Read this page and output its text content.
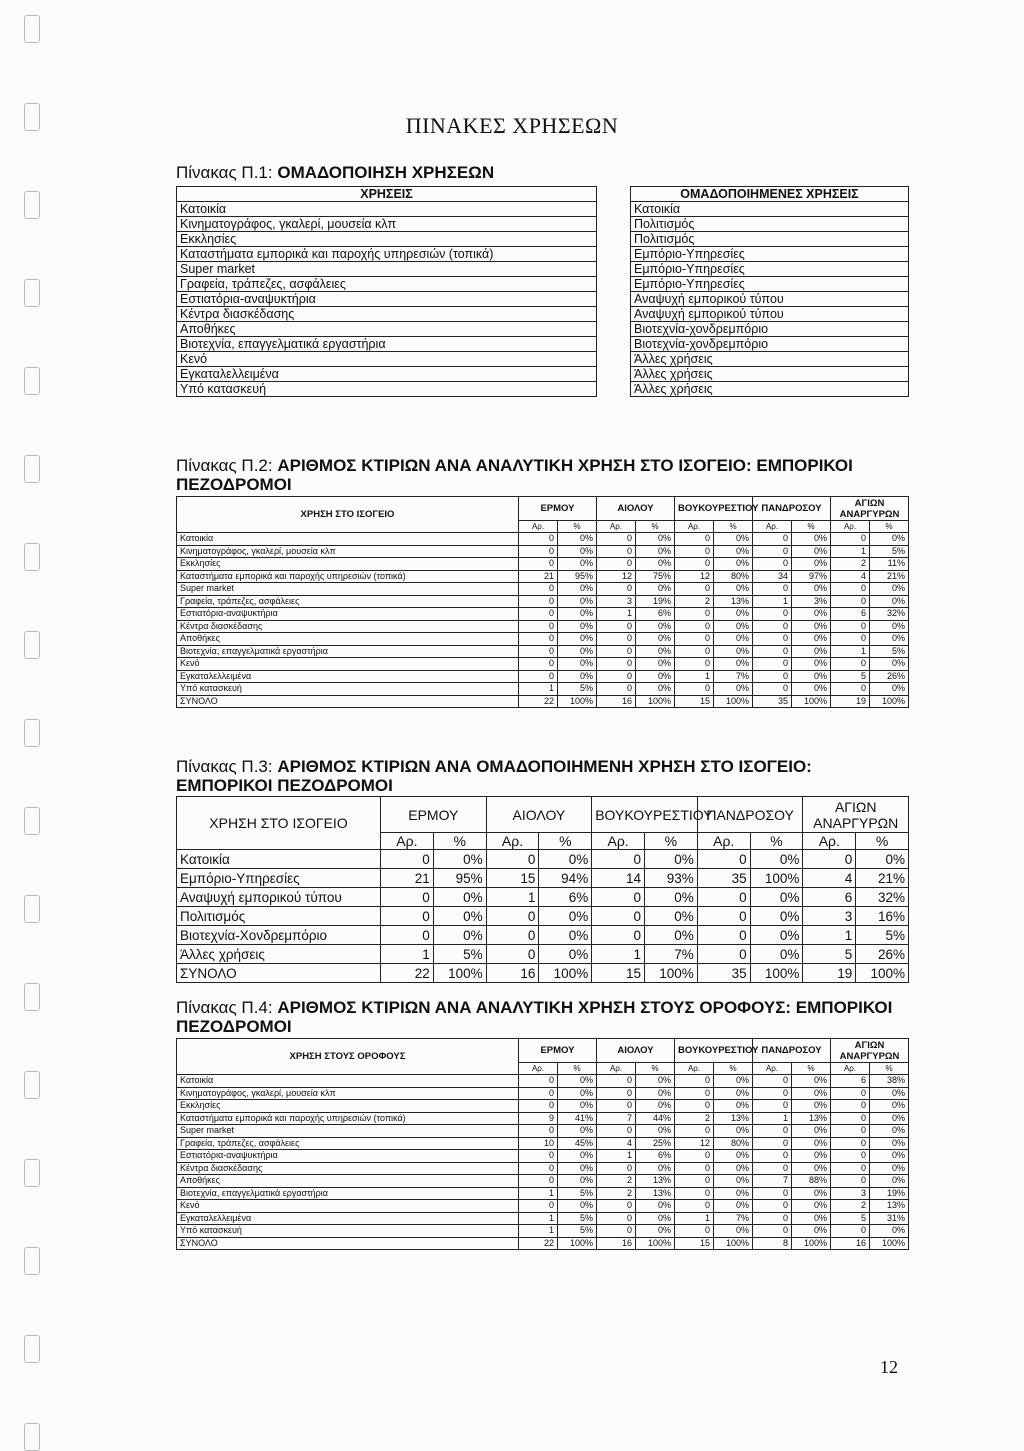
ΠΙΝΑΚΕΣ ΧΡΗΣΕΩΝ
Πίνακας Π.1: ΟΜΑΔΟΠΟΙΗΣΗ ΧΡΗΣΕΩΝ
ΧΡΗΣΕΙΣ		ΟΜΑΔΟΠΟΙΗΜΕΝΕΣ ΧΡΗΣΕΙΣ
Κατοικία		Κατοικία
Κινηματογράφος, γκαλερί, μουσεία κλπ		Πολιτισμός
Εκκλησίες		Πολιτισμός
Καταστήματα εμπορικά και παροχής υπηρεσιών (τοπικά)		Εμπόριο-Υπηρεσίες
Super market		Εμπόριο-Υπηρεσίες
Γραφεία, τράπεζες, ασφάλειες		Εμπόριο-Υπηρεσίες
Εστιατόρια-αναψυκτήρια		Αναψυχή εμπορικού τύπου
Κέντρα διασκέδασης		Αναψυχή εμπορικού τύπου
Αποθήκες		Βιοτεχνία-χονδρεμπόριο
Βιοτεχνία, επαγγελματικά εργαστήρια		Βιοτεχνία-χονδρεμπόριο
Κενό		Άλλες χρήσεις
Εγκαταλελλειμένα		Άλλες χρήσεις
Υπό κατασκευή		Άλλες χρήσεις
Πίνακας Π.2: ΑΡΙΘΜΟΣ ΚΤΙΡΙΩΝ ΑΝΑ ΑΝΑΛΥΤΙΚΗ ΧΡΗΣΗ ΣΤΟ ΙΣΟΓΕΙΟ: ΕΜΠΟΡΙΚΟΙ ΠΕΖΟΔΡΟΜΟΙ
ΧΡΗΣΗ ΣΤΟ ΙΣΟΓΕΙΟ	ΕΡΜΟΥ		ΑΙΟΛΟΥ		ΒΟΥΚΟΥΡΕΣΤΙΟΥ		ΠΑΝΔΡΟΣΟΥ		ΑΓΙΩΝ ΑΝΑΡΓΥΡΩΝ	
	Αρ.	%	Αρ.	%	Αρ.	%	Αρ.	%	Αρ.	%
Κατοικία	0	0%	0	0%	0	0%	0	0%	0	0%
Κινηματογράφος, γκαλερί, μουσεία κλπ	0	0%	0	0%	0	0%	0	0%	1	5%
Εκκλησίες	0	0%	0	0%	0	0%	0	0%	2	11%
Καταστήματα εμπορικά και παροχής υπηρεσιών (τοπικά)	21	95%	12	75%	12	80%	34	97%	4	21%
Super market	0	0%	0	0%	0	0%	0	0%	0	0%
Γραφεία, τράπεζες, ασφάλειες	0	0%	3	19%	2	13%	1	3%	0	0%
Εστιατόρια-αναψυκτήρια	0	0%	1	6%	0	0%	0	0%	6	32%
Κέντρα διασκέδασης	0	0%	0	0%	0	0%	0	0%	0	0%
Αποθήκες	0	0%	0	0%	0	0%	0	0%	0	0%
Βιοτεχνία, επαγγελματικά εργαστήρια	0	0%	0	0%	0	0%	0	0%	1	5%
Κενό	0	0%	0	0%	0	0%	0	0%	0	0%
Εγκαταλελλειμένα	0	0%	0	0%	1	7%	0	0%	5	26%
Υπό κατασκευή	1	5%	0	0%	0	0%	0	0%	0	0%
ΣΥΝΟΛΟ	22	100%	16	100%	15	100%	35	100%	19	100%
Πίνακας Π.3: ΑΡΙΘΜΟΣ ΚΤΙΡΙΩΝ ΑΝΑ ΟΜΑΔΟΠΟΙΗΜΕΝΗ ΧΡΗΣΗ ΣΤΟ ΙΣΟΓΕΙΟ: ΕΜΠΟΡΙΚΟΙ ΠΕΖΟΔΡΟΜΟΙ
ΧΡΗΣΗ ΣΤΟ ΙΣΟΓΕΙΟ	ΕΡΜΟΥ		ΑΙΟΛΟΥ		ΒΟΥΚΟΥΡΕΣΤΙΟΥ		ΠΑΝΔΡΟΣΟΥ		ΑΓΙΩΝ ΑΝΑΡΓΥΡΩΝ	
	Αρ.	%	Αρ.	%	Αρ.	%	Αρ.	%	Αρ.	%
Κατοικία	0	0%	0	0%	0	0%	0	0%	0	0%
Εμπόριο-Υπηρεσίες	21	95%	15	94%	14	93%	35	100%	4	21%
Αναψυχή εμπορικού τύπου	0	0%	1	6%	0	0%	0	0%	6	32%
Πολιτισμός	0	0%	0	0%	0	0%	0	0%	3	16%
Βιοτεχνία-Χονδρεμπόριο	0	0%	0	0%	0	0%	0	0%	1	5%
Άλλες χρήσεις	1	5%	0	0%	1	7%	0	0%	5	26%
ΣΥΝΟΛΟ	22	100%	16	100%	15	100%	35	100%	19	100%
Πίνακας Π.4: ΑΡΙΘΜΟΣ ΚΤΙΡΙΩΝ ΑΝΑ ΑΝΑΛΥΤΙΚΗ ΧΡΗΣΗ ΣΤΟΥΣ ΟΡΟΦΟΥΣ: ΕΜΠΟΡΙΚΟΙ ΠΕΖΟΔΡΟΜΟΙ
ΧΡΗΣΗ ΣΤΟΥΣ ΟΡΟΦΟΥΣ	ΕΡΜΟΥ		ΑΙΟΛΟΥ		ΒΟΥΚΟΥΡΕΣΤΙΟΥ		ΠΑΝΔΡΟΣΟΥ		ΑΓΙΩΝ ΑΝΑΡΓΥΡΩΝ	
	Αρ.	%	Αρ.	%	Αρ.	%	Αρ.	%	Αρ.	%
Κατοικία	0	0%	0	0%	0	0%	0	0%	6	38%
Κινηματογράφος, γκαλερί, μουσεία κλπ	0	0%	0	0%	0	0%	0	0%	0	0%
Εκκλησίες	0	0%	0	0%	0	0%	0	0%	0	0%
Καταστήματα εμπορικά και παροχής υπηρεσιών (τοπικά)	9	41%	7	44%	2	13%	1	13%	0	0%
Super market	0	0%	0	0%	0	0%	0	0%	0	0%
Γραφεία, τράπεζες, ασφάλειες	10	45%	4	25%	12	80%	0	0%	0	0%
Εστιατόρια-αναψυκτήρια	0	0%	1	6%	0	0%	0	0%	0	0%
Κέντρα διασκέδασης	0	0%	0	0%	0	0%	0	0%	0	0%
Αποθήκες	0	0%	2	13%	0	0%	7	88%	0	0%
Βιοτεχνία, επαγγελματικά εργαστήρια	1	5%	2	13%	0	0%	0	0%	3	19%
Κενό	0	0%	0	0%	0	0%	0	0%	2	13%
Εγκαταλελλειμένα	1	5%	0	0%	1	7%	0	0%	5	31%
Υπό κατασκευή	1	5%	0	0%	0	0%	0	0%	0	0%
ΣΥΝΟΛΟ	22	100%	16	100%	15	100%	8	100%	16	100%
12
